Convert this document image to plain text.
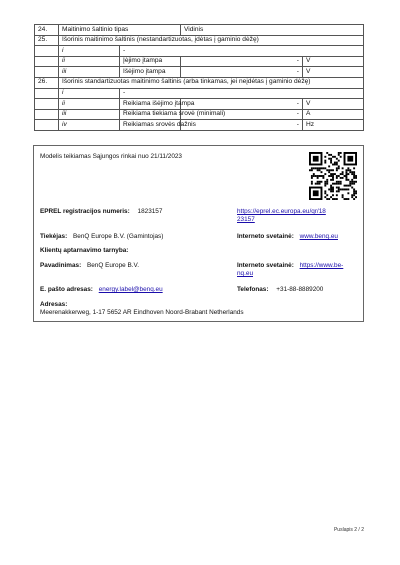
24.	Maitinimo šaltinio tipas		Vidinis	
25.	Išorinis maitinimo šaltinis (nestandartizuotas, įdėtas į gaminio dėžę)			
	i	-		
	ii	Įėjimo įtampa	-	V
	iii	Išėjimo įtampa	-	V
26.	Išorinis standartizuotas maitinimo šaltinis (arba tinkamas, jei neįdėtas į gaminio dėžę)			
	i	-		
	ii	Reikiama išėjimo įtampa	-	V
	iii	Reikiama tiekiama srovė (minimali)	-	A
	iv	Reikiamas srovės dažnis	-	Hz
Modelis teikiamas Sąjungos rinkai nuo 21/11/2023
EPREL registracijos numeris: 1823157	https://eprel.ec.europa.eu/qr/18
23157
Tiekėjas: BenQ Europe B.V. (Gamintojas)	Interneto svetainė: www.benq.eu
Klientų aptarnavimo tarnyba:
Pavadinimas: BenQ Europe B.V.	Interneto svetainė: https://www.be-
nq.eu
E. pašto adresas: energy.label@benq.eu	Telefonas: +31-88-8889200
Adresas:
Meerenakkerweg, 1-17 5652 AR Eindhoven Noord-Brabant Netherlands
Puslapis 2 / 2
